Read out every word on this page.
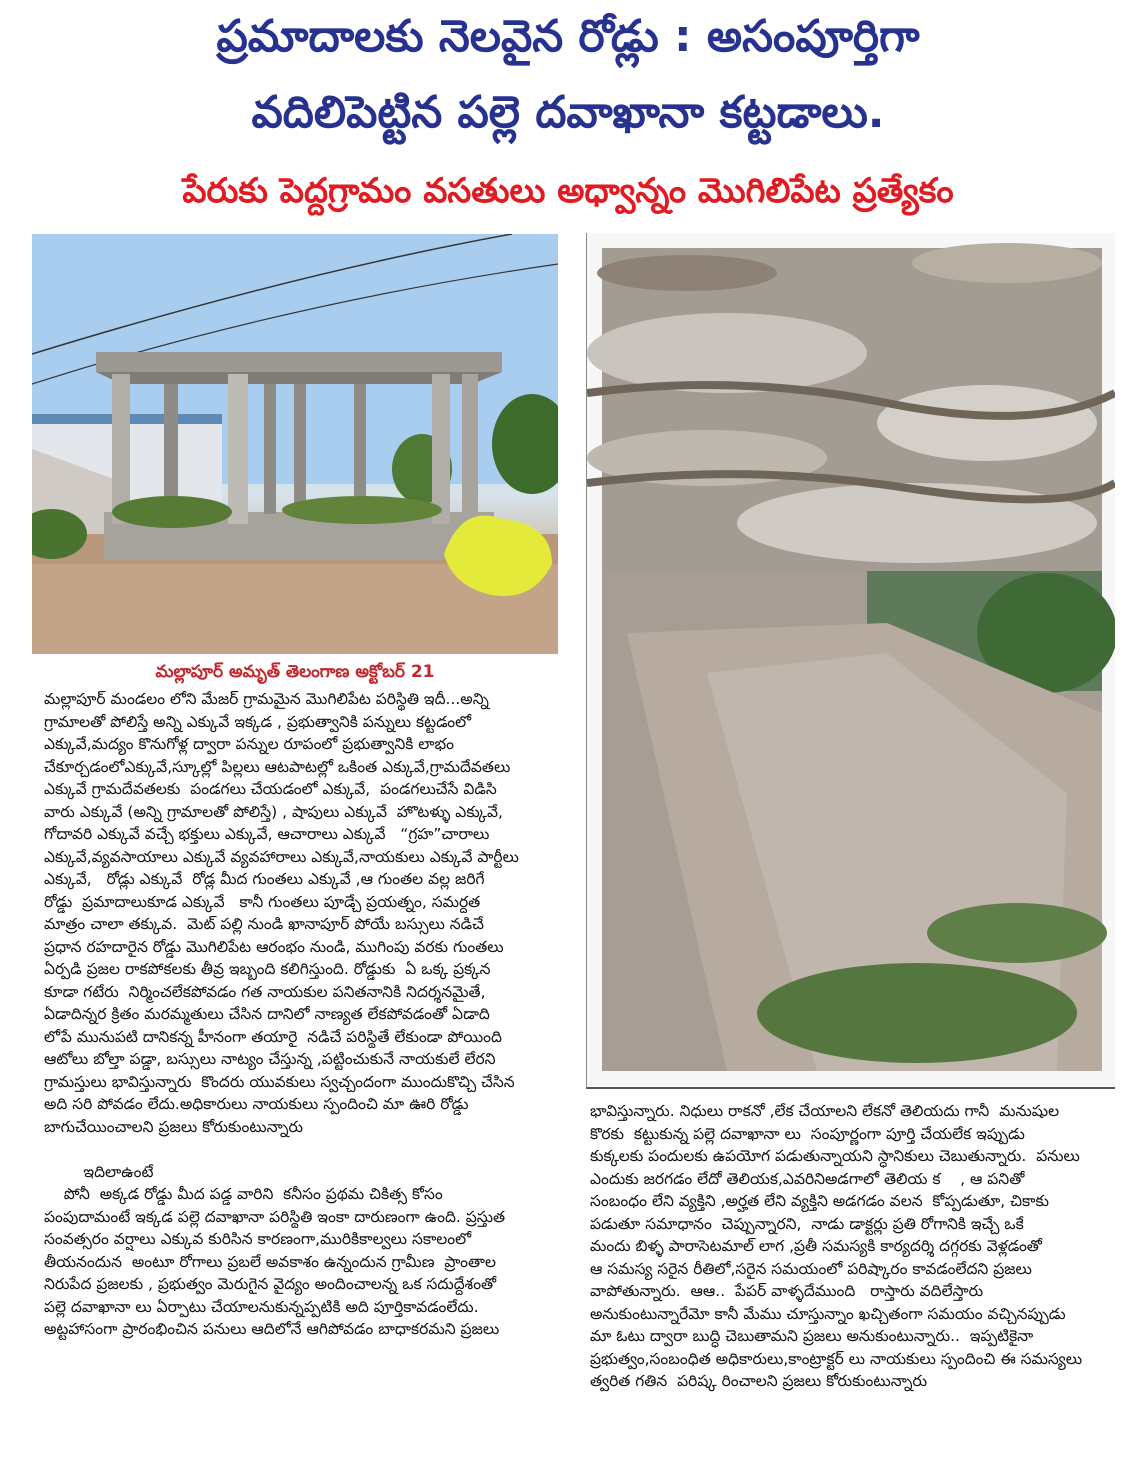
ప్రమాదాలకు నెలవైన రోడ్లు : అసంపూర్తిగా
వదిలిపెట్టిన పల్లె దవాఖానా కట్టడాలు.
పేరుకు పెద్దగ్రామం వసతులు అధ్వాన్నం మొగిలిపేట ప్రత్యేకం
మల్లాపూర్ అమృత్ తెలంగాణ అక్టోబర్ 21
మల్లాపూర్ మండలం లోని మేజర్ గ్రామమైన మొగిలిపేట పరిస్థితి ఇదీ...అన్ని
గ్రామాలతో పోలిస్తే అన్ని ఎక్కువే ఇక్కడ , ప్రభుత్వానికి పన్నులు కట్టడంలో
ఎక్కువే,మద్యం కొనుగోళ్ల ద్వారా పన్నుల రూపంలో ప్రభుత్వానికి లాభం
చేకూర్చడంలోఎక్కువే,స్కూల్లో పిల్లలు ఆటపాటల్లో ఒకింత ఎక్కువే,గ్రామదేవతలు
ఎక్కువే గ్రామదేవతలకు  పండగలు చేయడంలో ఎక్కువే,  పండగలుచేసే విడిసి
వారు ఎక్కువే (అన్ని గ్రామాలతో పోలిస్తే) , షాపులు ఎక్కువే  హొటళ్ళు ఎక్కువే,
గోదావరి ఎక్కువే వచ్చే భక్తులు ఎక్కువే, ఆచారాలు ఎక్కువే   “గ్రహ”చారాలు
ఎక్కువే,వ్యవసాయాలు ఎక్కువే వ్యవహారాలు ఎక్కువే,నాయకులు ఎక్కువే పార్టీలు
ఎక్కువే,   రోడ్లు ఎక్కువే  రోడ్ల మీద గుంతలు ఎక్కువే ,ఆ గుంతల వల్ల జరిగే
రోడ్డు  ప్రమాదాలుకూడ ఎక్కువే   కానీ గుంతలు పూడ్చే ప్రయత్నం, సమర్ధత
మాత్రం చాలా తక్కువ.  మెట్ పల్లి నుండి ఖానాపూర్ పోయే బస్సులు నడిచే
ప్రధాన రహదారైన రోడ్డు మొగిలిపేట ఆరంభం నుండి, ముగింపు వరకు గుంతలు
ఏర్పడి ప్రజల రాకపోకలకు తీవ్ర ఇబ్బంది కలిగిస్తుంది. రోడ్డుకు  ఏ ఒక్క ప్రక్కన
కూడా గటేరు  నిర్మించలేకపోవడం గత నాయకుల పనితనానికి నిదర్శనమైతే,
ఏడాదిన్నర క్రితం మరమ్మతులు చేసిన దానిలో నాణ్యత లేకపోవడంతో ఏడాది
లోపే మునుపటి దానికన్న హీనంగా తయారై  నడిచే పరిస్థితే లేకుండా పోయింది
ఆటోలు బోల్తా పడ్డా, బస్సులు నాట్యం చేస్తున్న ,పట్టించుకునే నాయకులే లేరని
గ్రామస్తులు భావిస్తున్నారు  కొందరు యువకులు స్వచ్చందంగా ముందుకొచ్చి చేసిన
అది సరి పోవడం లేదు.అధికారులు నాయకులు స్పందించి మా ఊరి రోడ్డు
బాగుచేయించాలని ప్రజలు కోరుకుంటున్నారు

ఇదిలాఉంటే
పోనీ  అక్కడ రోడ్డు మీద పడ్డ వారిని  కనీసం ప్రథమ చికిత్స కోసం
పంపుదామంటే ఇక్కడ పల్లె దవాఖానా పరిస్థితి ఇంకా దారుణంగా ఉంది. ప్రస్తుత
సంవత్సరం వర్షాలు ఎక్కువ కురిసిన కారణంగా,మురికికాల్వలు సకాలంలో
తీయనందున  అంటూ రోగాలు ప్రబలే అవకాశం ఉన్నందున గ్రామీణ  ప్రాంతాల
నిరుపేద ప్రజలకు , ప్రభుత్వం మెరుగైన వైద్యం అందించాలన్న ఒక సదుద్దేశంతో
పల్లె దవాఖానా లు ఏర్పాటు చేయాలనుకున్నప్పటికి అది పూర్తికావడంలేదు.
అట్టహాసంగా ప్రారంభించిన పనులు ఆదిలోనే ఆగిపోవడం బాధాకరమని ప్రజలు
భావిస్తున్నారు. నిధులు రాకనో ,లేక చేయాలని లేకనో తెలియదు గానీ  మనుషుల
కొరకు  కట్టుకున్న పల్లె దవాఖానా లు  సంపూర్ణంగా పూర్తి చేయలేక ఇప్పుడు
కుక్కలకు పందులకు ఉపయోగ పడుతున్నాయని స్ధానికులు చెబుతున్నారు.  పనులు
ఎందుకు జరగడం లేదో తెలియక,ఎవరినిఅడగాలో తెలియ క    , ఆ పనితో
సంబంధం లేని వ్యక్తిని ,అర్హత లేని వ్యక్తిని అడగడం వలన  కోప్పడుతూ, చికాకు
పడుతూ సమాధానం  చెప్పున్నారని,  నాడు డాక్టర్లు ప్రతి రోగానికి ఇచ్చే ఒకే
మందు బిళ్ళ పారాసెటమాల్ లాగ ,ప్రతీ సమస్యకి కార్యదర్శి దగ్గరకు వెళ్లడంతో
ఆ సమస్య సరైన రీతిలో,సరైన సమయంలో పరిష్కారం కావడంలేదని ప్రజలు
వాపోతున్నారు.  ఆఆ..  పేపర్ వాళ్ళదేముంది   రాస్తారు వదిలేస్తారు
అనుకుంటున్నారేమో కానీ మేము చూస్తున్నాం ఖచ్చితంగా సమయం వచ్చినప్పుడు
మా ఓటు ద్వారా బుద్ధి చెబుతామని ప్రజలు అనుకుంటున్నారు..  ఇప్పటికైనా
ప్రభుత్వం,సంబంధిత అధికారులు,కాంట్రాక్టర్ లు నాయకులు స్పందించి ఈ సమస్యలు
త్వరిత గతిన  పరిష్క రించాలని ప్రజలు కోరుకుంటున్నారు
